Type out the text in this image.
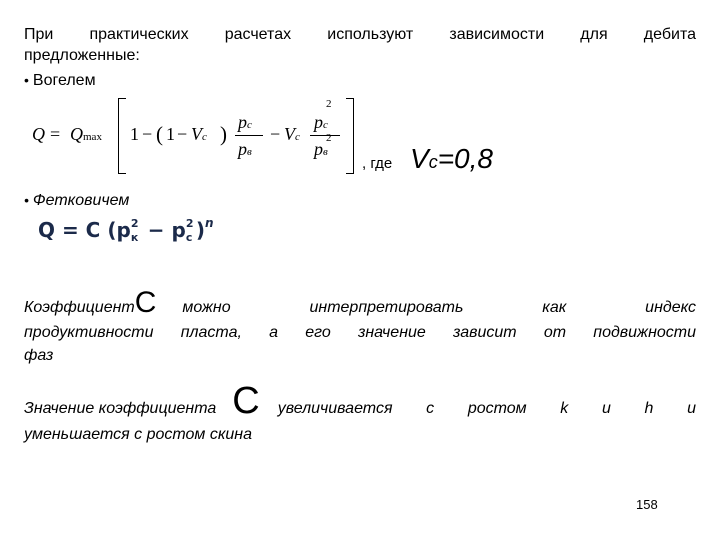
При практических расчетах используют зависимости для дебита
предложенные:
• Вогелем
Q = Qmax 1 − ( 1 − Vc ) pc
pв
− Vc
pc
2
pв
2
, где Vc=0,8
• Фетковичем
Q = C (p 2
к − p 2
с )$^n$
Коэффициент C можно интерпретировать как индекс
продуктивности пласта, а его значение зависит от подвижности
фаз
Значение коэффициента C увеличивается с ростом k и h и
уменьшается с ростом скина
158
